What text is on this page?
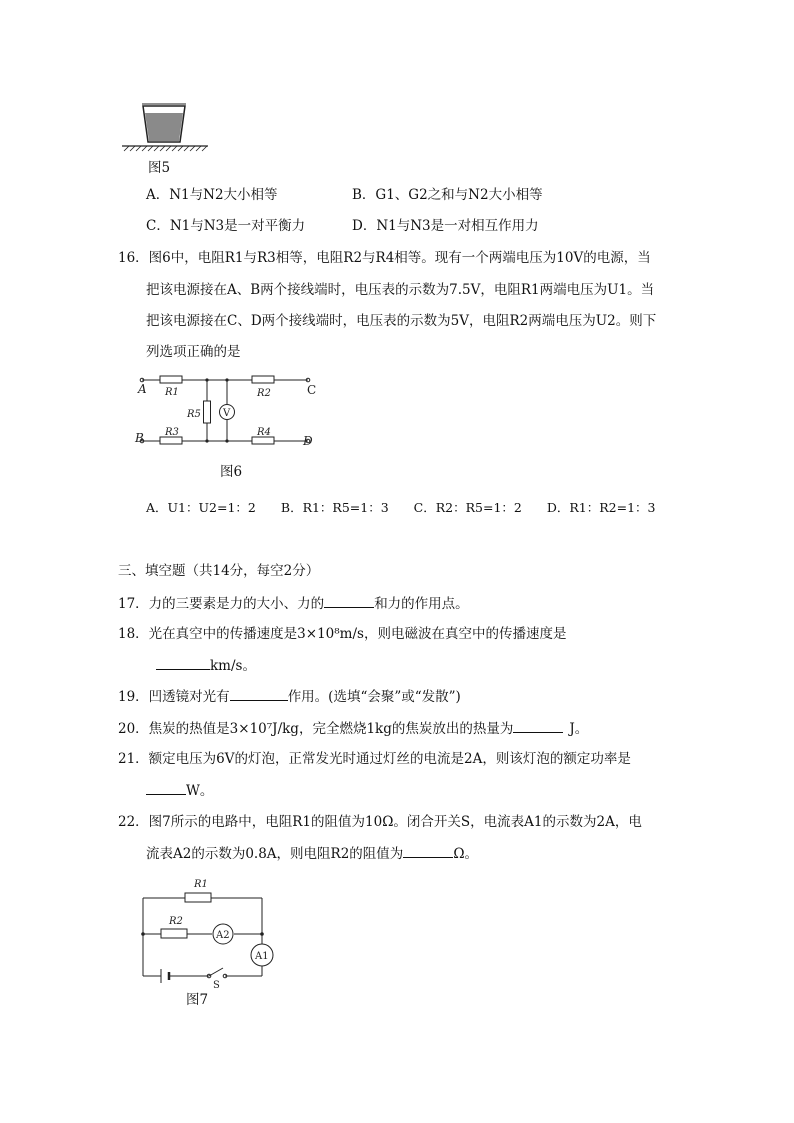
图5
A．N1与N2大小相等	B．G1、G2之和与N2大小相等
C．N1与N3是一对平衡力	D．N1与N3是一对相互作用力
16．图6中，电阻R1与R3相等，电阻R2与R4相等。现有一个两端电压为10V的电源，当
把该电源接在A、B两个接线端时，电压表的示数为7.5V，电阻R1两端电压为U1。当
把该电源接在C、D两个接线端时，电压表的示数为5V，电阻R2两端电压为U2。则下
列选项正确的是
A
B
C
D
R1	R2
R3	R4
R5 V
图6
A．U1：U2=1：2　　B．R1：R5=1：3　　C．R2：R5=1：2　　D．R1：R2=1：3
三、填空题（共14分，每空2分）
17．力的三要素是力的大小、力的	和力的作用点。
18．光在真空中的传播速度是3×10⁸m/s，则电磁波在真空中的传播速度是
km/s。
19．凹透镜对光有	作用。(选填“会聚”或“发散”)
20．焦炭的热值是3×10⁷J/kg，完全燃烧1kg的焦炭放出的热量为	J。
21．额定电压为6V的灯泡，正常发光时通过灯丝的电流是2A，则该灯泡的额定功率是
W。
22．图7所示的电路中，电阻R1的阻值为10Ω。闭合开关S，电流表A1的示数为2A，电
流表A2的示数为0.8A，则电阻R2的阻值为	Ω。
R1
R2
A2
A1
S
图7
